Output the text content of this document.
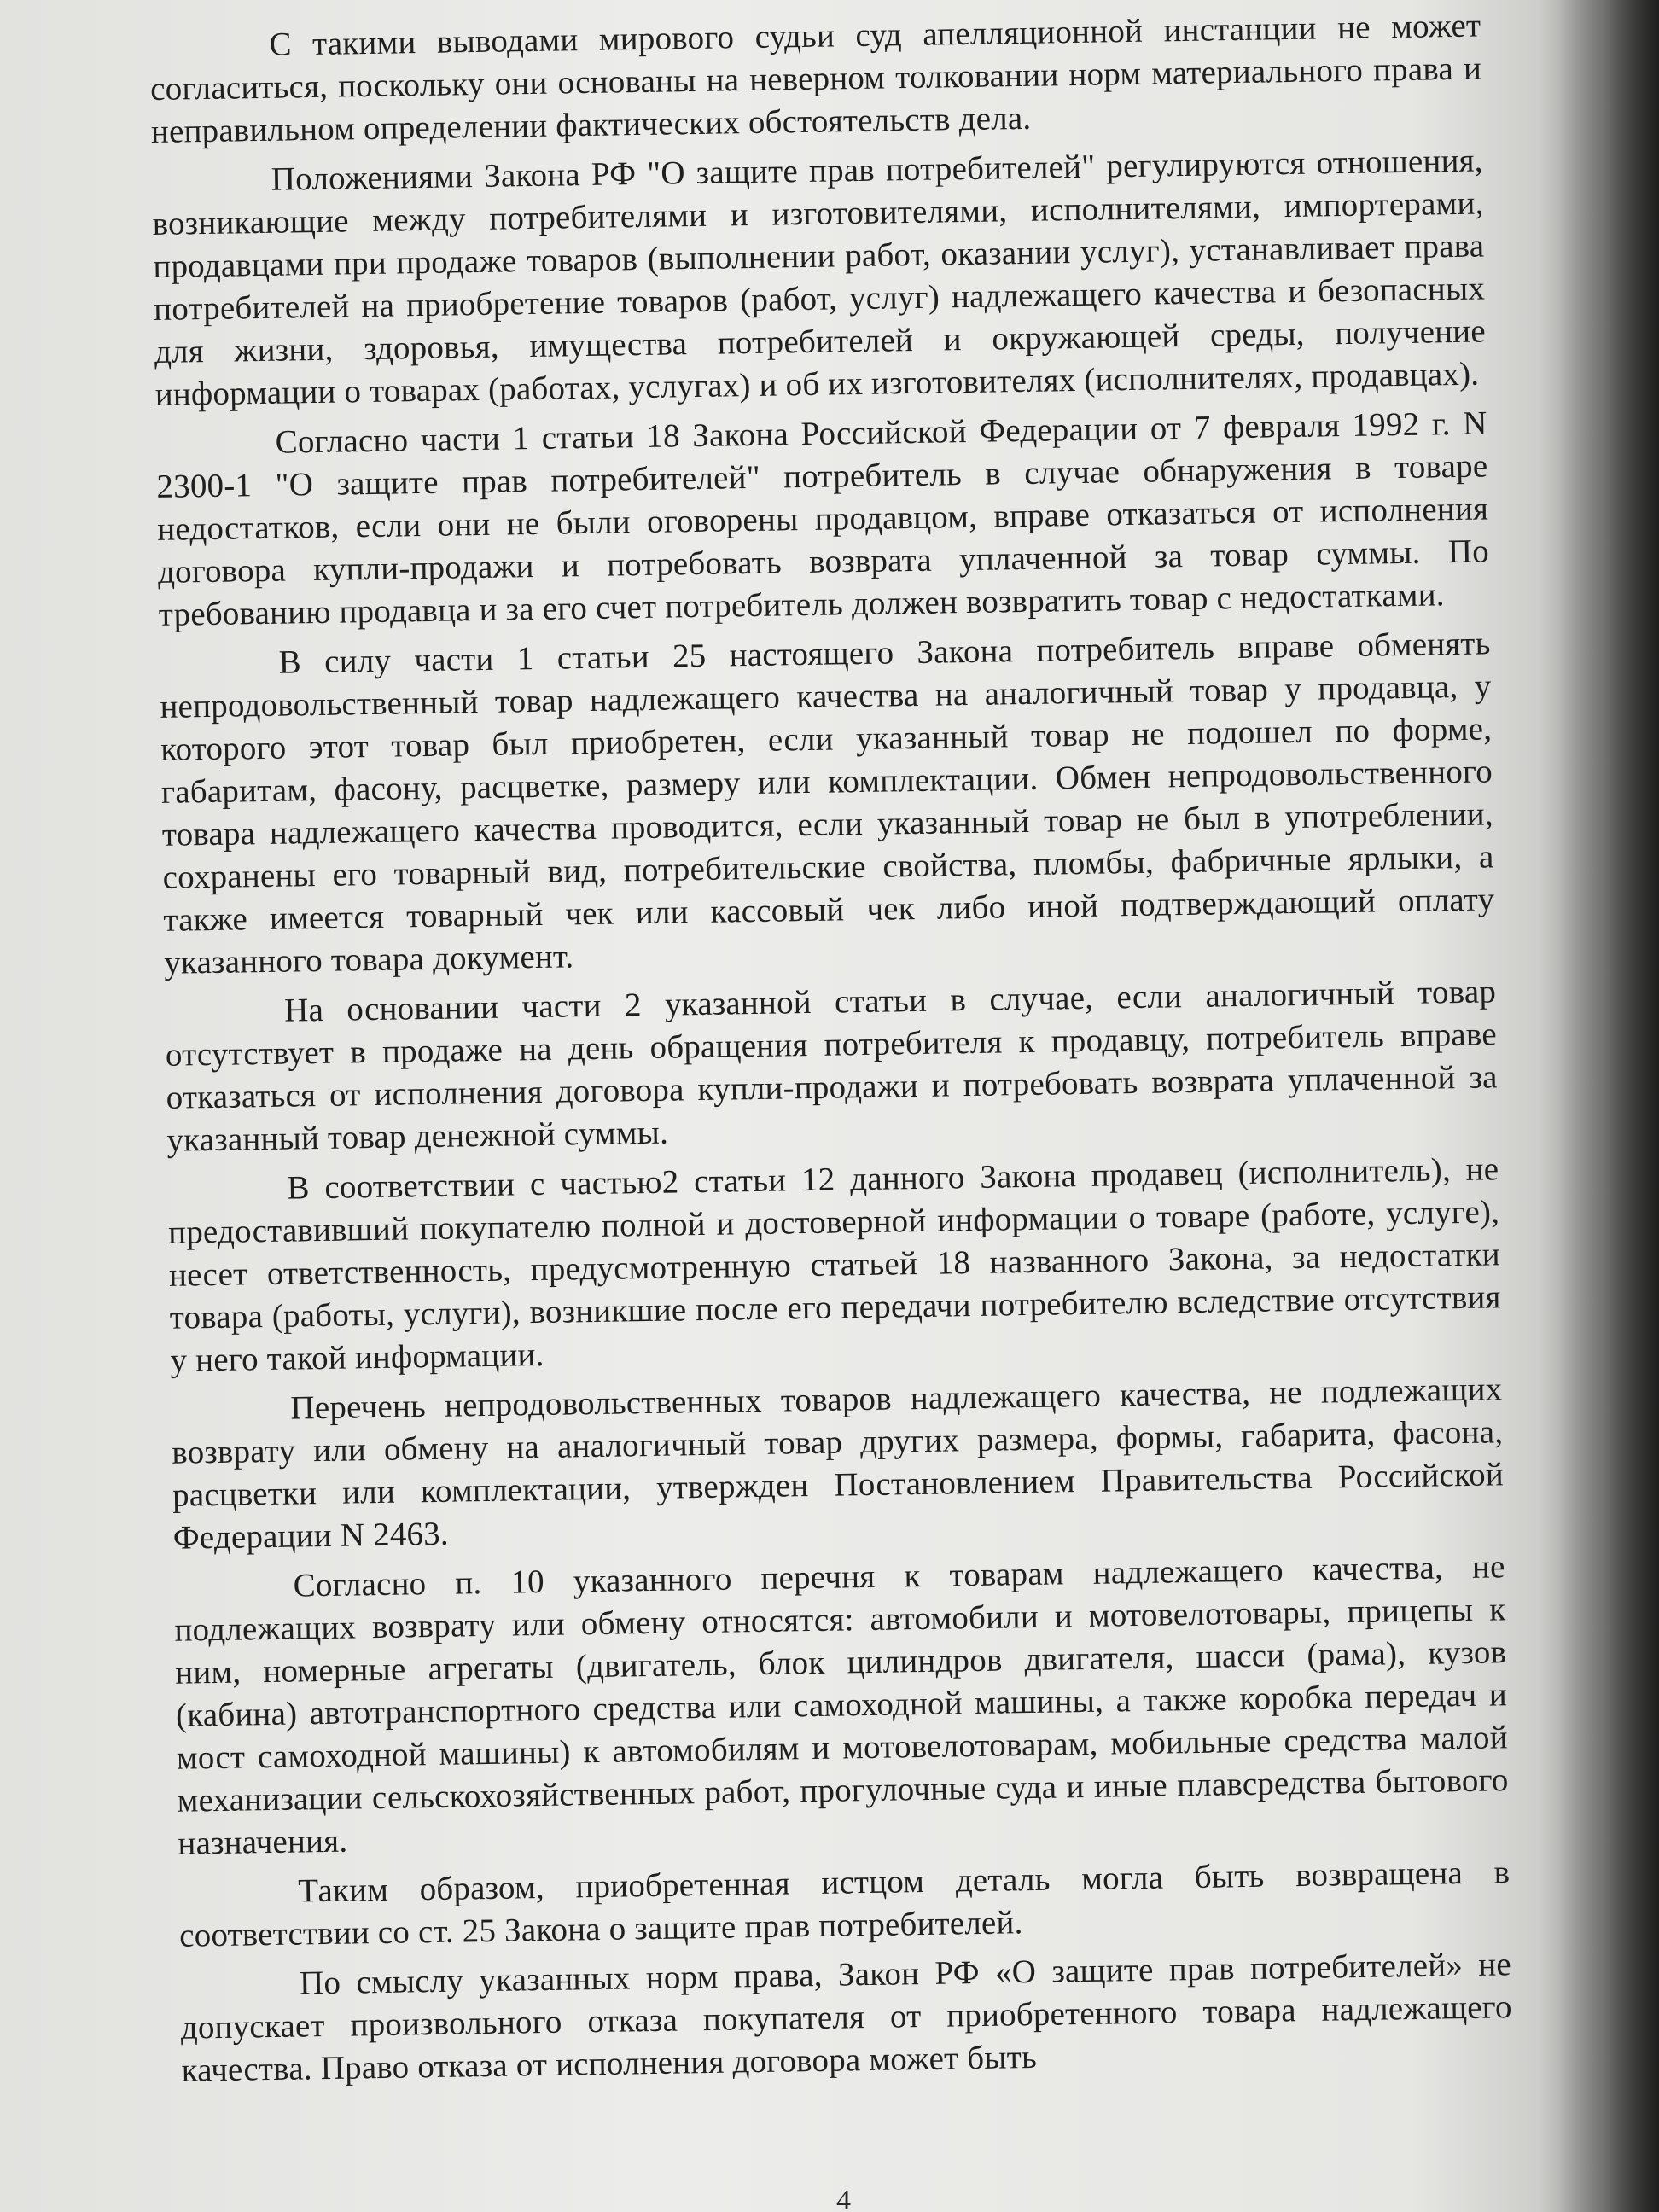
С такими выводами мирового судьи суд апелляционной инстанции не может согласиться, поскольку они основаны на неверном толковании норм материального права и неправильном определении фактических обстоятельств дела.

Положениями Закона РФ "О защите прав потребителей" регулируются отношения, возникающие между потребителями и изготовителями, исполнителями, импортерами, продавцами при продаже товаров (выполнении работ, оказании услуг), устанавливает права потребителей на приобретение товаров (работ, услуг) надлежащего качества и безопасных для жизни, здоровья, имущества потребителей и окружающей среды, получение информации о товарах (работах, услугах) и об их изготовителях (исполнителях, продавцах).

Согласно части 1 статьи 18 Закона Российской Федерации от 7 февраля 1992 г. N 2300-1 "О защите прав потребителей" потребитель в случае обнаружения в товаре недостатков, если они не были оговорены продавцом, вправе отказаться от исполнения договора купли-продажи и потребовать возврата уплаченной за товар суммы. По требованию продавца и за его счет потребитель должен возвратить товар с недостатками.

В силу части 1 статьи 25 настоящего Закона потребитель вправе обменять непродовольственный товар надлежащего качества на аналогичный товар у продавца, у которого этот товар был приобретен, если указанный товар не подошел по форме, габаритам, фасону, расцветке, размеру или комплектации. Обмен непродовольственного товара надлежащего качества проводится, если указанный товар не был в употреблении, сохранены его товарный вид, потребительские свойства, пломбы, фабричные ярлыки, а также имеется товарный чек или кассовый чек либо иной подтверждающий оплату указанного товара документ.

На основании части 2 указанной статьи в случае, если аналогичный товар отсутствует в продаже на день обращения потребителя к продавцу, потребитель вправе отказаться от исполнения договора купли-продажи и потребовать возврата уплаченной за указанный товар денежной суммы.

В соответствии с частью2 статьи 12 данного Закона продавец (исполнитель), не предоставивший покупателю полной и достоверной информации о товаре (работе, услуге), несет ответственность, предусмотренную статьей 18 названного Закона, за недостатки товара (работы, услуги), возникшие после его передачи потребителю вследствие отсутствия у него такой информации.

Перечень непродовольственных товаров надлежащего качества, не подлежащих возврату или обмену на аналогичный товар других размера, формы, габарита, фасона, расцветки или комплектации, утвержден Постановлением Правительства Российской Федерации N 2463.

Согласно п. 10 указанного перечня к товарам надлежащего качества, не подлежащих возврату или обмену относятся: автомобили и мотовелотовары, прицепы к ним, номерные агрегаты (двигатель, блок цилиндров двигателя, шасси (рама), кузов (кабина) автотранспортного средства или самоходной машины, а также коробка передач и мост самоходной машины) к автомобилям и мотовелотоварам, мобильные средства малой механизации сельскохозяйственных работ, прогулочные суда и иные плавсредства бытового назначения.

Таким образом, приобретенная истцом деталь могла быть возвращена в соответствии со ст. 25 Закона о защите прав потребителей.

По смыслу указанных норм права, Закон РФ «О защите прав потребителей» не допускает произвольного отказа покупателя от приобретенного товара надлежащего качества. Право отказа от исполнения договора может быть

4
